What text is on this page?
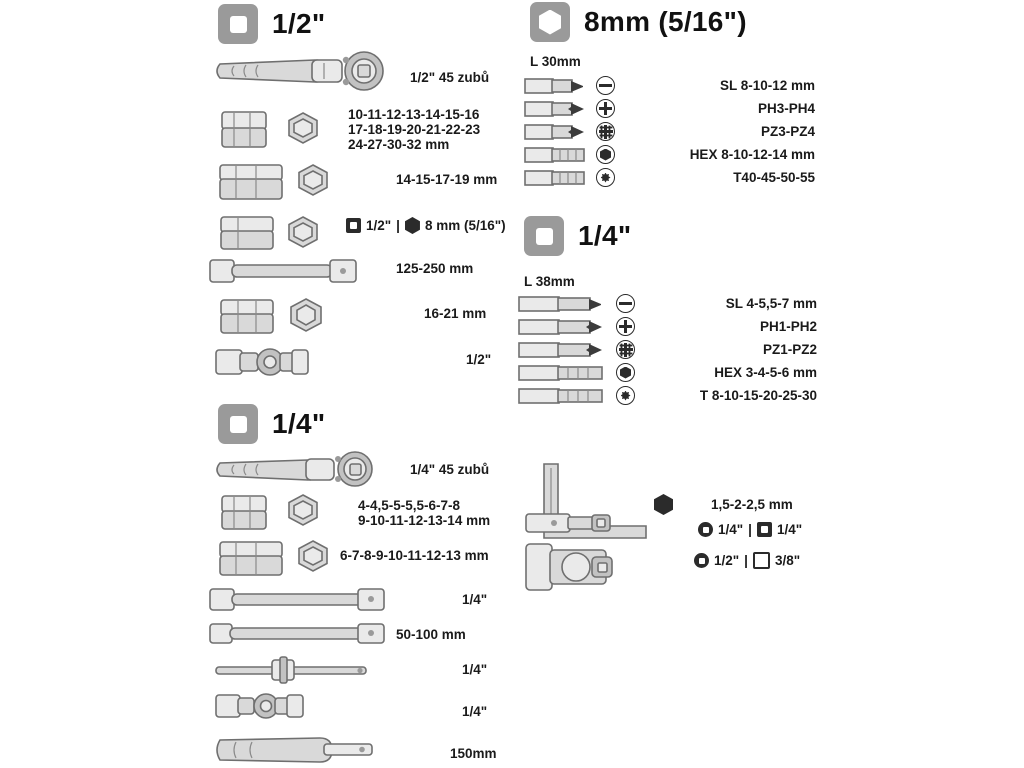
1/2"
1/2" 45 zubů
10-11-12-13-14-15-16
17-18-19-20-21-22-23
24-27-30-32 mm
14-15-17-19 mm
1/2" | 8 mm (5/16")
125-250 mm
16-21 mm
1/2"
1/4"
1/4" 45 zubů
4-4,5-5-5,5-6-7-8
9-10-11-12-13-14 mm
6-7-8-9-10-11-12-13 mm
1/4"
50-100 mm
1/4"
1/4"
150mm
8mm (5/16")
L 30mm
SL 8-10-12 mm
PH3-PH4
PZ3-PZ4
HEX 8-10-12-14 mm
T40-45-50-55
1/4"
L 38mm
SL 4-5,5-7 mm
PH1-PH2
PZ1-PZ2
HEX 3-4-5-6 mm
T 8-10-15-20-25-30
1,5-2-2,5 mm
1/4" | 1/4"
1/2" | 3/8"
